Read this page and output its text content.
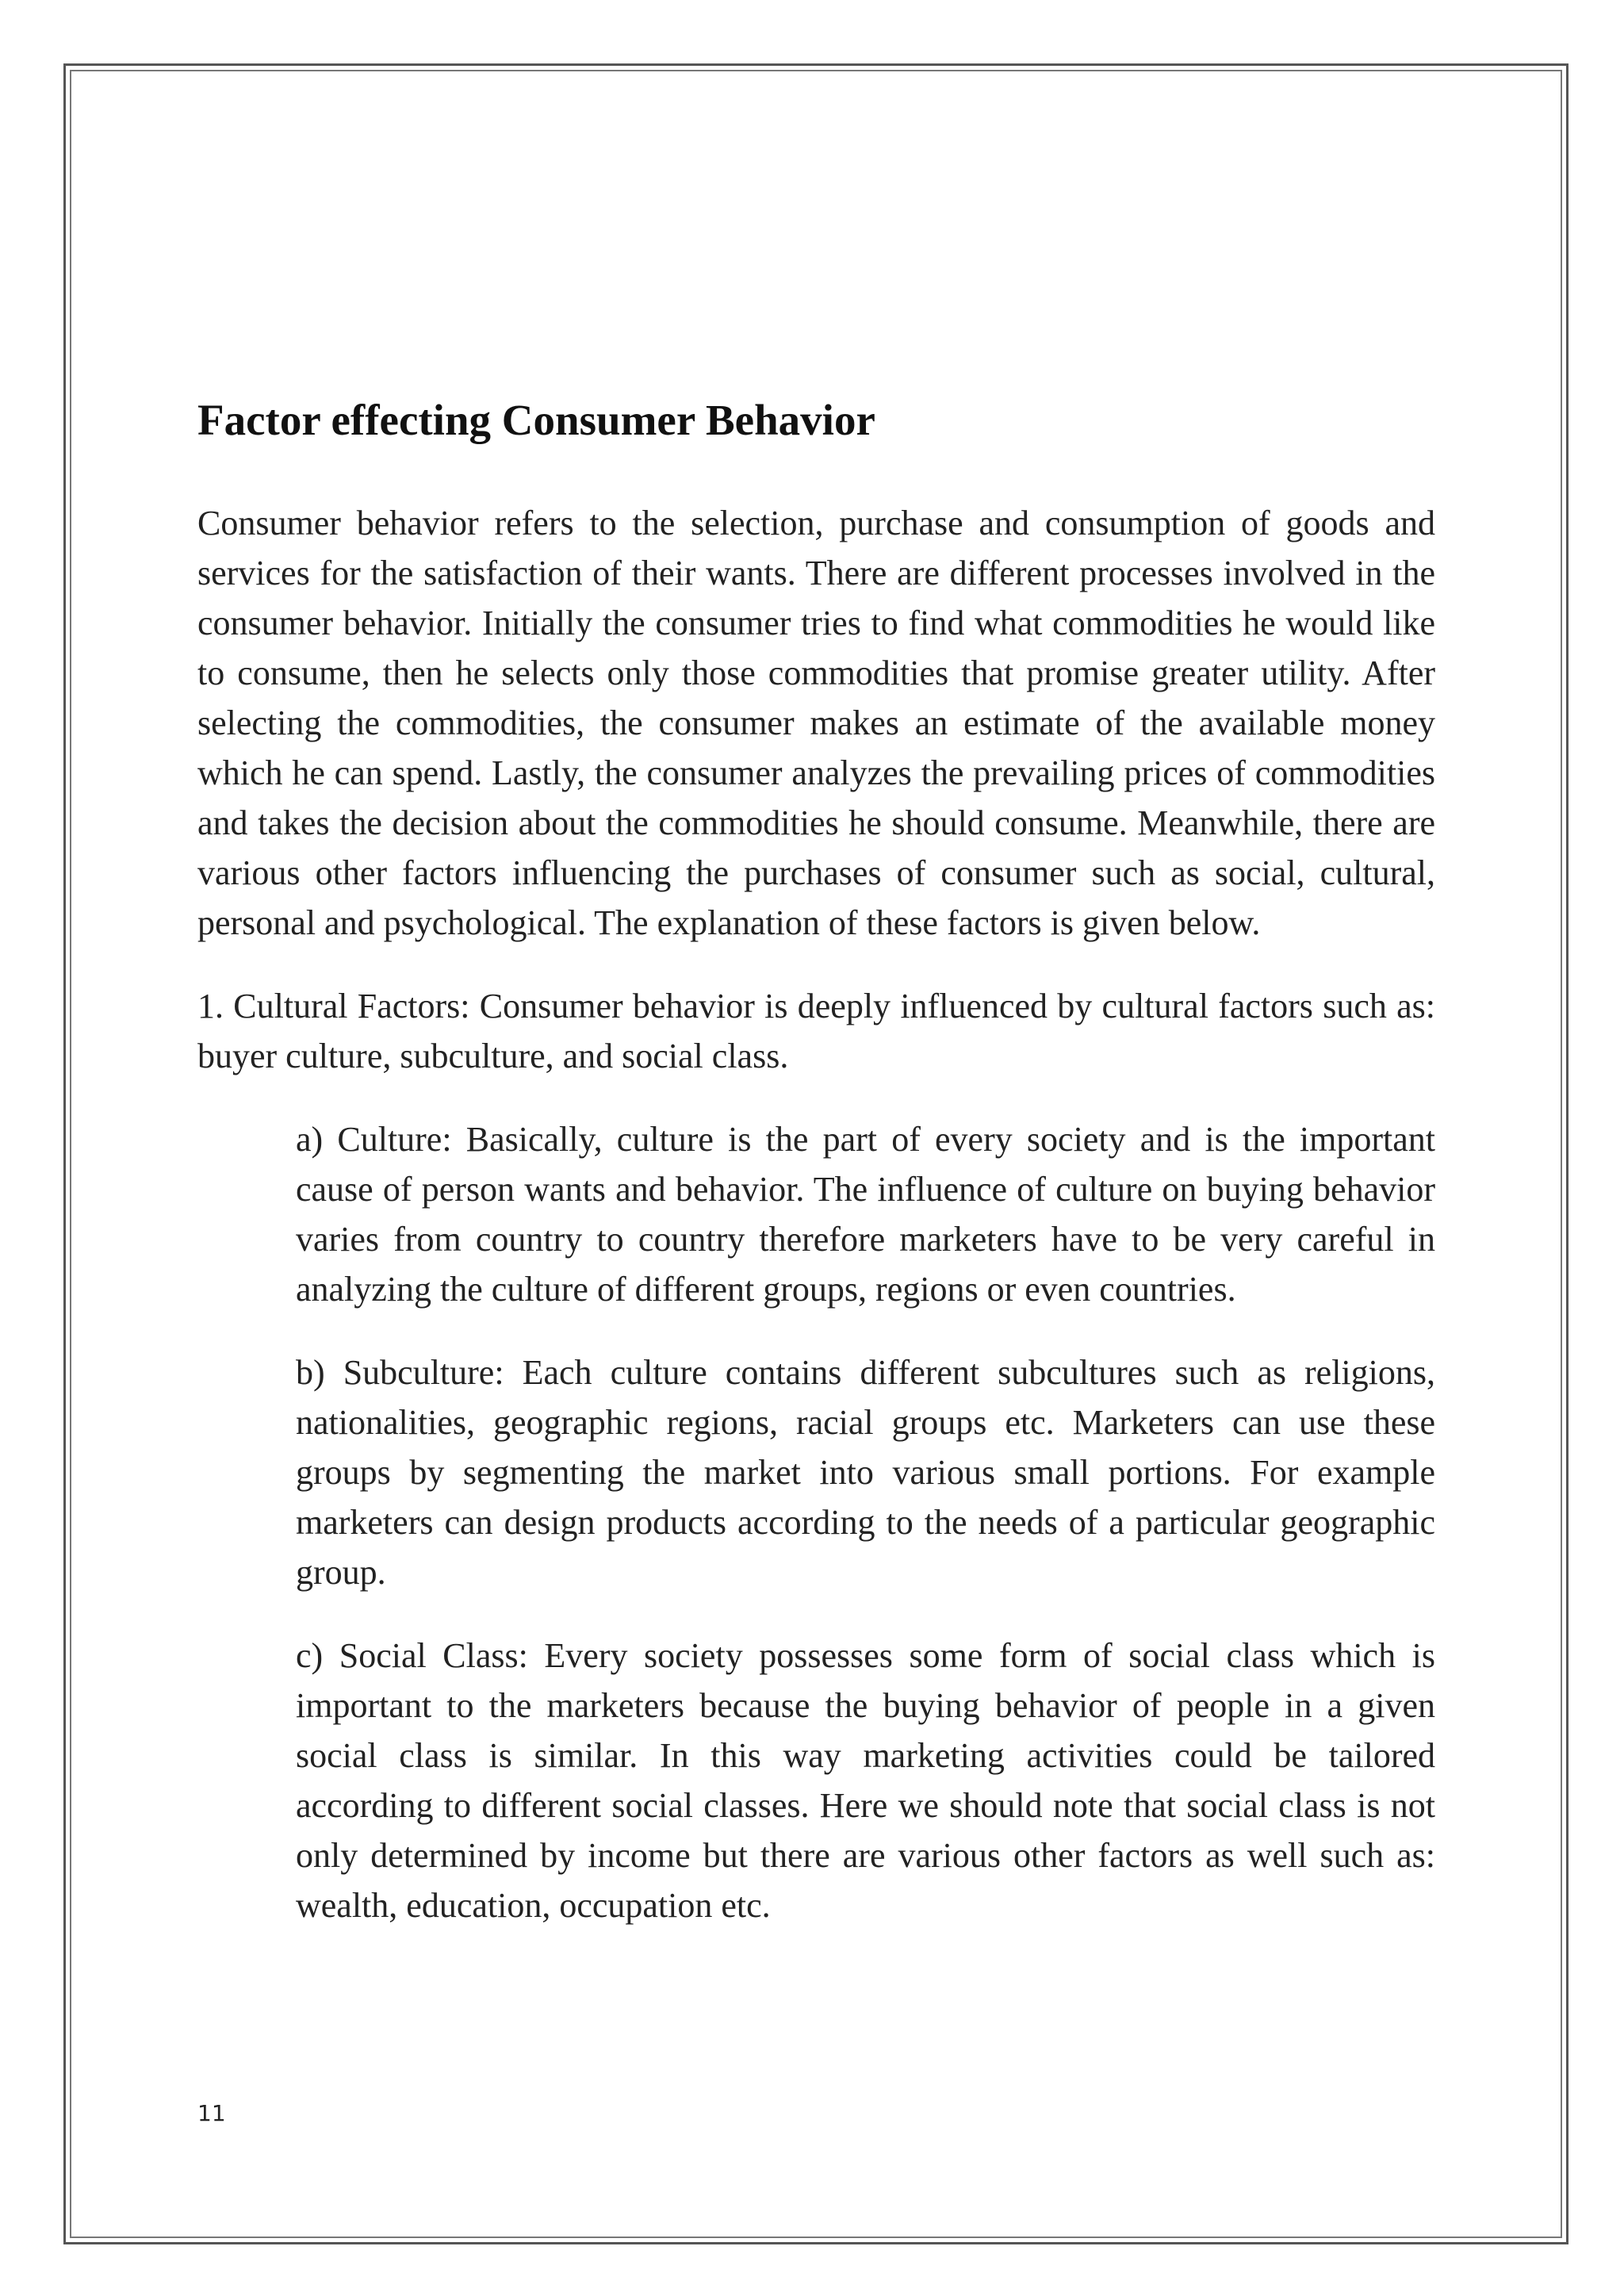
Factor effecting Consumer Behavior

Consumer behavior refers to the selection, purchase and consumption of goods and services for the satisfaction of their wants. There are different processes involved in the consumer behavior. Initially the consumer tries to find what commodities he would like to consume, then he selects only those commodities that promise greater utility. After selecting the commodities, the consumer makes an estimate of the available money which he can spend. Lastly, the consumer analyzes the prevailing prices of commodities and takes the decision about the commodities he should consume. Meanwhile, there are various other factors influencing the purchases of consumer such as social, cultural, personal and psychological. The explanation of these factors is given below.

1. Cultural Factors: Consumer behavior is deeply influenced by cultural factors such as: buyer culture, subculture, and social class.

a) Culture: Basically, culture is the part of every society and is the important cause of person wants and behavior. The influence of culture on buying behavior varies from country to country therefore marketers have to be very careful in analyzing the culture of different groups, regions or even countries.

b) Subculture: Each culture contains different subcultures such as religions, nationalities, geographic regions, racial groups etc. Marketers can use these groups by segmenting the market into various small portions. For example marketers can design products according to the needs of a particular geographic group.

c) Social Class: Every society possesses some form of social class which is important to the marketers because the buying behavior of people in a given social class is similar. In this way marketing activities could be tailored according to different social classes. Here we should note that social class is not only determined by income but there are various other factors as well such as: wealth, education, occupation etc.

11
